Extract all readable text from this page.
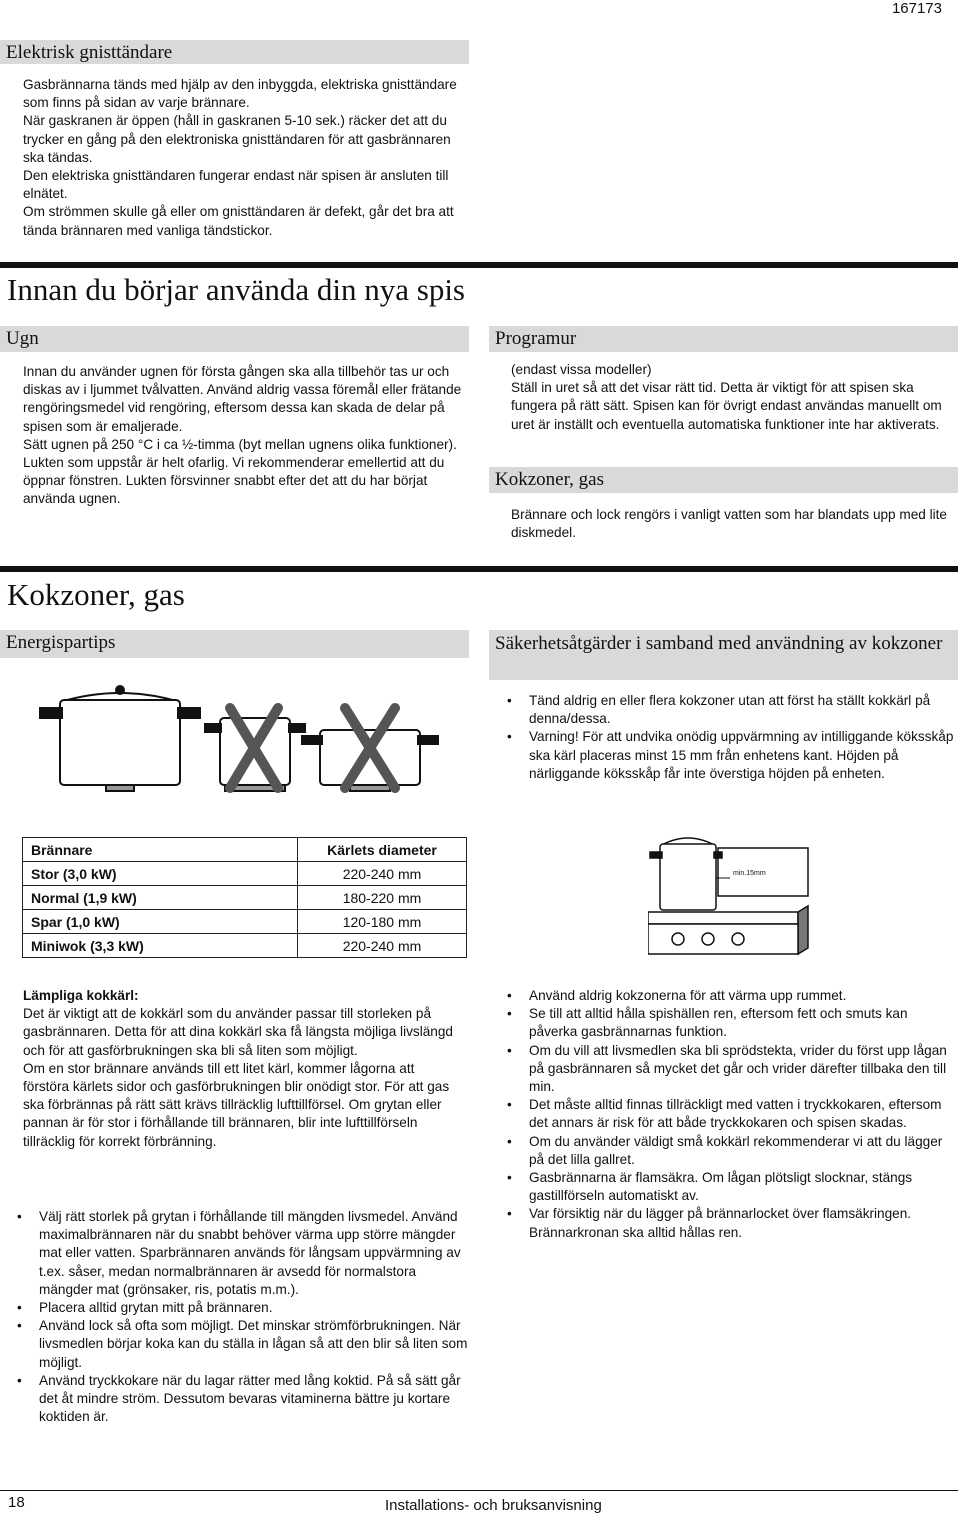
167173
Elektrisk gnisttändare

Gasbrännarna tänds med hjälp av den inbyggda, elektriska gnisttändare som finns på sidan av varje brännare.

När gaskranen är öppen (håll in gaskranen 5-10 sek.) räcker det att du trycker en gång på den elektroniska gnisttändaren för att gasbrännaren ska tändas.

Den elektriska gnisttändaren fungerar endast när spisen är ansluten till elnätet.

Om strömmen skulle gå eller om gnisttändaren är defekt, går det bra att tända brännaren med vanliga tändstickor.

Innan du börjar använda din nya spis
Ugn

Innan du använder ugnen för första gången ska alla tillbehör tas ur och diskas av i ljummet tvålvatten. Använd aldrig vassa föremål eller frätande rengöringsmedel vid rengöring, eftersom dessa kan skada de delar på spisen som är emaljerade.

Sätt ugnen på 250 °C i ca ½-timma (byt mellan ugnens olika funktioner).

Lukten som uppstår är helt ofarlig. Vi rekommenderar emellertid att du öppnar fönstren. Lukten försvinner snabbt efter det att du har börjat använda ugnen.

Programur

(endast vissa modeller)

Ställ in uret så att det visar rätt tid. Detta är viktigt för att spisen ska fungera på rätt sätt. Spisen kan för övrigt endast användas manuellt om uret är inställt och eventuella automatiska funktioner inte har aktiverats.

Kokzoner, gas

Brännare och lock rengörs i vanligt vatten som har blandats upp med lite diskmedel.

Kokzoner, gas
Energispartips	Säkerhetsåtgärder i samband med användning av kokzoner
• Tänd aldrig en eller flera kokzoner utan att först ha ställt kokkärl på denna/dessa.
• Varning! För att undvika onödig uppvärmning av intilliggande köksskåp ska kärl placeras minst 15 mm från enhetens kant. Höjden på närliggande köksskåp får inte överstiga höjden på enheten.
Brännare	Kärlets diameter
Stor (3,0 kW)	220-240 mm
Normal (1,9 kW)	180-220 mm
Spar (1,0 kW)	120-180 mm
Miniwok (3,3 kW)	220-240 mm
min.15mm

Lämpliga kokkärl:

Det är viktigt att de kokkärl som du använder passar till storleken på gasbrännaren. Detta för att dina kokkärl ska få längsta möjliga livslängd och för att gasförbrukningen ska bli så liten som möjligt.

Om en stor brännare används till ett litet kärl, kommer lågorna att förstöra kärlets sidor och gasförbrukningen blir onödigt stor. För att gas ska förbrännas på rätt sätt krävs tillräcklig lufttillförsel. Om grytan eller pannan är för stor i förhållande till brännaren, blir inte lufttillförseln tillräcklig för korrekt förbränning.

• Välj rätt storlek på grytan i förhållande till mängden livsmedel. Använd maximalbrännaren när du snabbt behöver värma upp större mängder mat eller vatten. Sparbrännaren används för långsam uppvärmning av t.ex. såser, medan normalbrännaren är avsedd för normalstora mängder mat (grönsaker, ris, potatis m.m.).
• Placera alltid grytan mitt på brännaren.
• Använd lock så ofta som möjligt. Det minskar strömförbrukningen. När livsmedlen börjar koka kan du ställa in lågan så att den blir så liten som möjligt.
• Använd tryckkokare när du lagar rätter med lång koktid. På så sätt går det åt mindre ström. Dessutom bevaras vitaminerna bättre ju kortare koktiden är.
• Använd aldrig kokzonerna för att värma upp rummet.
• Se till att alltid hålla spishällen ren, eftersom fett och smuts kan påverka gasbrännarnas funktion.
• Om du vill att livsmedlen ska bli sprödstekta, vrider du först upp lågan på gasbrännaren så mycket det går och vrider därefter tillbaka den till min.
• Det måste alltid finnas tillräckligt med vatten i tryckkokaren, eftersom det annars är risk för att både tryckkokaren och spisen skadas.
• Om du använder väldigt små kokkärl rekommenderar vi att du lägger på det lilla gallret.
• Gasbrännarna är flamsäkra. Om lågan plötsligt slocknar, stängs gastillförseln automatiskt av.
• Var försiktig när du lägger på brännarlocket över flamsäkringen. Brännarkronan ska alltid hållas ren.
18	Installations- och bruksanvisning
